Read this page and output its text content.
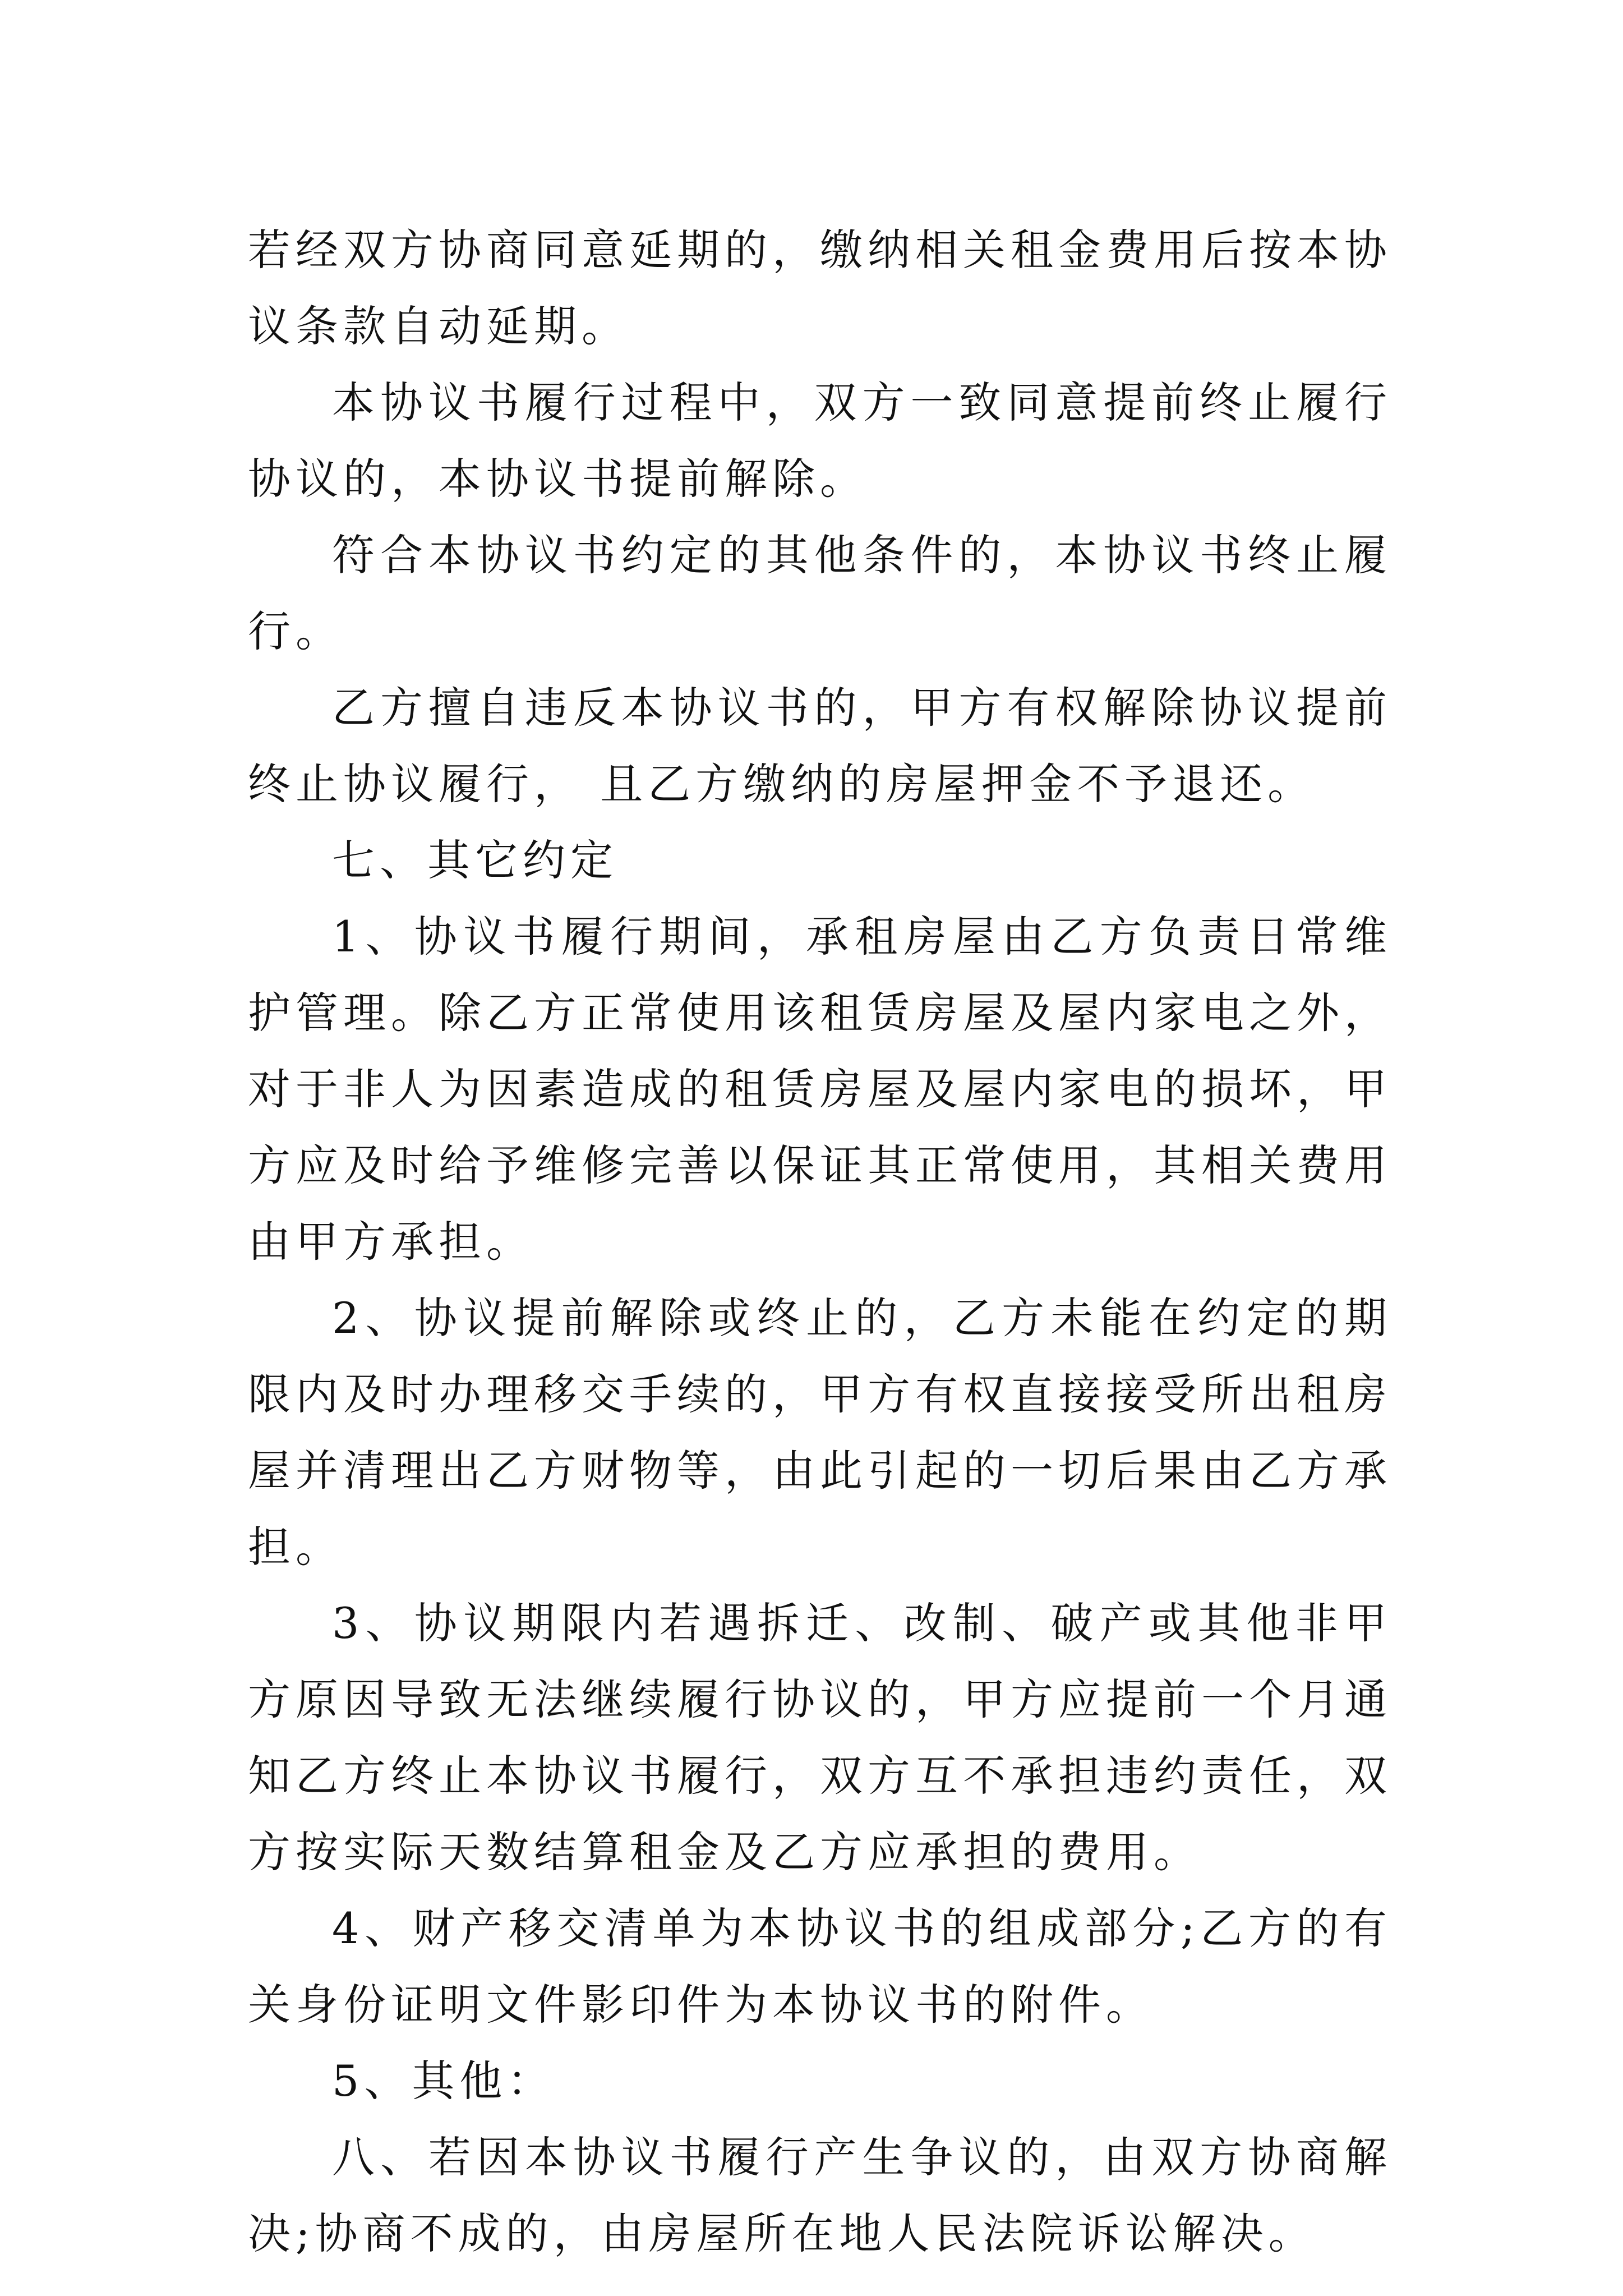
若经双方协商同意延期的，缴纳相关租金费用后按本协议条款自动延期。

本协议书履行过程中，双方一致同意提前终止履行协议的，本协议书提前解除。

符合本协议书约定的其他条件的，本协议书终止履行。

乙方擅自违反本协议书的，甲方有权解除协议提前终止协议履行， 且乙方缴纳的房屋押金不予退还。

七、其它约定

1、协议书履行期间，承租房屋由乙方负责日常维护管理。除乙方正常使用该租赁房屋及屋内家电之外，对于非人为因素造成的租赁房屋及屋内家电的损坏，甲方应及时给予维修完善以保证其正常使用，其相关费用由甲方承担。

2、协议提前解除或终止的，乙方未能在约定的期限内及时办理移交手续的，甲方有权直接接受所出租房屋并清理出乙方财物等，由此引起的一切后果由乙方承担。

3、协议期限内若遇拆迁、改制、破产或其他非甲方原因导致无法继续履行协议的，甲方应提前一个月通知乙方终止本协议书履行，双方互不承担违约责任，双方按实际天数结算租金及乙方应承担的费用。

4、财产移交清单为本协议书的组成部分;乙方的有关身份证明文件影印件为本协议书的附件。

5、其他：

八、若因本协议书履行产生争议的，由双方协商解决;协商不成的，由房屋所在地人民法院诉讼解决。
